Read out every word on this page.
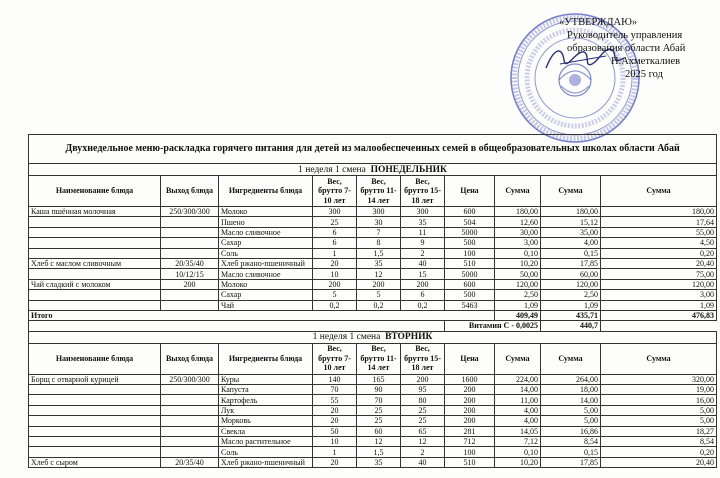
«УТВЕРЖДАЮ»
Руководитель управления
образования области Абай
Н.Ахметкалиев
2025 год
Двухнедельное меню-раскладка горячего питания для детей из малообеспеченных семей в общеобразовательных школах области Абай									
1 неделя 1 смена ПОНЕДЕЛЬНИК									
Наименование блюда	Выход блюда	Ингредиенты блюда	Вес, брутто 7-10 лет	Вес, брутто 11-14 лет	Вес, брутто 15-18 лет	Цена	Сумма	Сумма	Сумма
Каша пшённая молочная	250/300/300	Молоко	300	300	300	600	180,00	180,00	180,00
		Пшено	25	30	35	504	12,60	15,12	17,64
		Масло сливочное	6	7	11	5000	30,00	35,00	55,00
		Сахар	6	8	9	500	3,00	4,00	4,50
		Соль	1	1,5	2	100	0,10	0,15	0,20
Хлеб с маслом сливочным	20/35/40	Хлеб ржано-пшеничный	20	35	40	510	10,20	17,85	20,40
	10/12/15	Масло сливочное	10	12	15	5000	50,00	60,00	75,00
Чай сладкий с молоком	200	Молоко	200	200	200	600	120,00	120,00	120,00
		Сахар	5	5	6	500	2,50	2,50	3,00
		Чай	0,2	0,2	0,2	5463	1,09	1,09	1,09
Итого							409,49	435,71	476,83
						Витамин С - 0,0025		440,7	
1 неделя 1 смена ВТОРНИК									
Наименование блюда	Выход блюда	Ингредиенты блюда	Вес, брутто 7-10 лет	Вес, брутто 11-14 лет	Вес, брутто 15-18 лет	Цена	Сумма	Сумма	Сумма
Борщ с отварной курицей	250/300/300	Куры	140	165	200	1600	224,00	264,00	320,00
		Капуста	70	90	95	200	14,00	18,00	19,00
		Картофель	55	70	80	200	11,00	14,00	16,00
		Лук	20	25	25	200	4,00	5,00	5,00
		Морковь	20	25	25	200	4,00	5,00	5,00
		Свекла	50	60	65	281	14,05	16,86	18,27
		Масло растительное	10	12	12	712	7,12	8,54	8,54
		Соль	1	1,5	2	100	0,10	0,15	0,20
Хлеб с сыром	20/35/40	Хлеб ржано-пшеничный	20	35	40	510	10,20	17,85	20,40
